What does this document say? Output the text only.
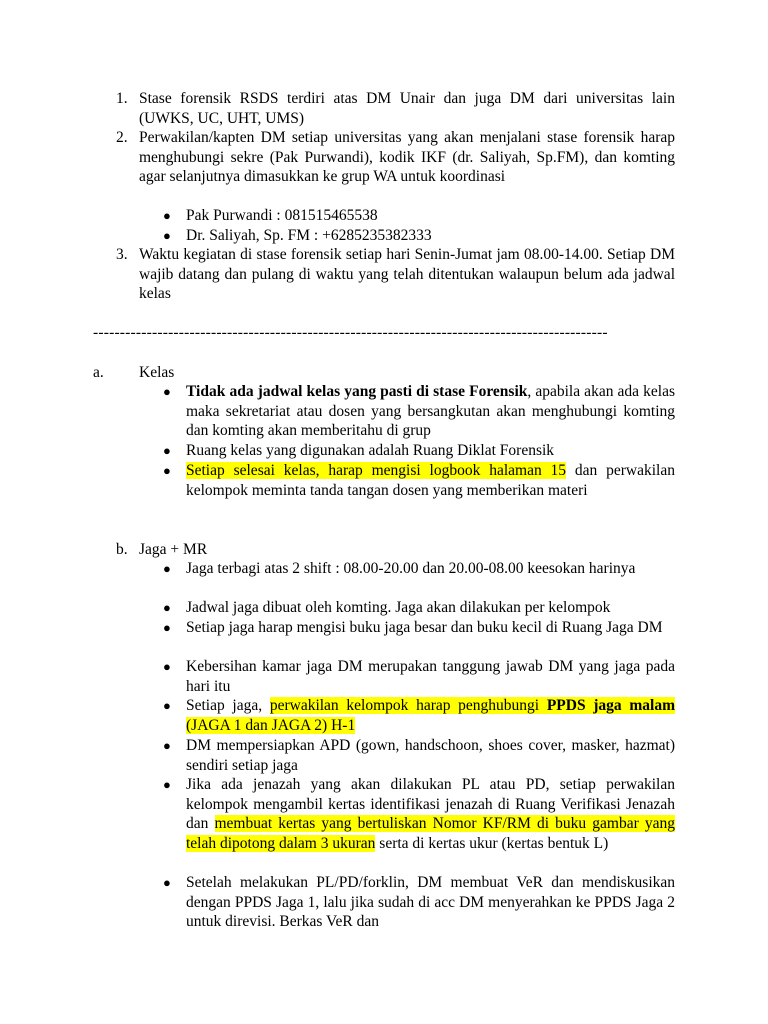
1. Stase forensik RSDS terdiri atas DM Unair dan juga DM dari universitas lain (UWKS, UC, UHT, UMS)
2. Perwakilan/kapten DM setiap universitas yang akan menjalani stase forensik harap menghubungi sekre (Pak Purwandi), kodik IKF (dr. Saliyah, Sp.FM), dan komting agar selanjutnya dimasukkan ke grup WA untuk koordinasi
● Pak Purwandi : 081515465538
● Dr. Saliyah, Sp. FM : +6285235382333
3. Waktu kegiatan di stase forensik setiap hari Senin-Jumat jam 08.00-14.00. Setiap DM wajib datang dan pulang di waktu yang telah ditentukan walaupun belum ada jadwal kelas
------------------------------------------------------------------------------------------------
a. Kelas
● Tidak ada jadwal kelas yang pasti di stase Forensik, apabila akan ada kelas maka sekretariat atau dosen yang bersangkutan akan menghubungi komting dan komting akan memberitahu di grup
● Ruang kelas yang digunakan adalah Ruang Diklat Forensik
● Setiap selesai kelas, harap mengisi logbook halaman 15 dan perwakilan kelompok meminta tanda tangan dosen yang memberikan materi
b. Jaga + MR
● Jaga terbagi atas 2 shift : 08.00-20.00 dan 20.00-08.00 keesokan harinya
● Jadwal jaga dibuat oleh komting. Jaga akan dilakukan per kelompok
● Setiap jaga harap mengisi buku jaga besar dan buku kecil di Ruang Jaga DM
● Kebersihan kamar jaga DM merupakan tanggung jawab DM yang jaga pada hari itu
● Setiap jaga, perwakilan kelompok harap penghubungi PPDS jaga malam (JAGA 1 dan JAGA 2) H-1
● DM mempersiapkan APD (gown, handschoon, shoes cover, masker, hazmat) sendiri setiap jaga
● Jika ada jenazah yang akan dilakukan PL atau PD, setiap perwakilan kelompok mengambil kertas identifikasi jenazah di Ruang Verifikasi Jenazah dan membuat kertas yang bertuliskan Nomor KF/RM di buku gambar yang telah dipotong dalam 3 ukuran serta di kertas ukur (kertas bentuk L)
● Setelah melakukan PL/PD/forklin, DM membuat VeR dan mendiskusikan dengan PPDS Jaga 1, lalu jika sudah di acc DM menyerahkan ke PPDS Jaga 2 untuk direvisi. Berkas VeR dan
